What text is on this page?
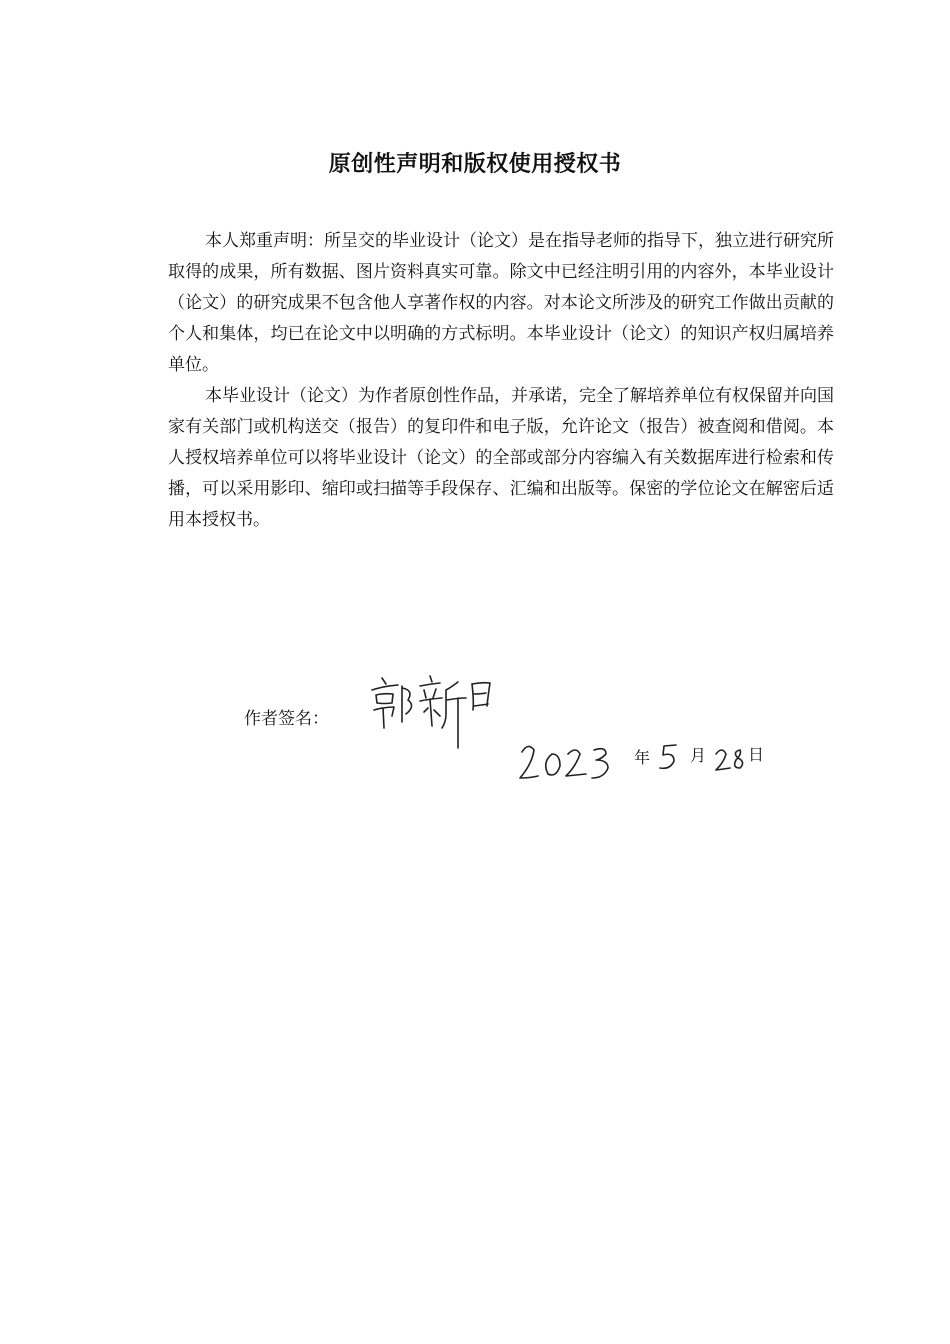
原创性声明和版权使用授权书

本人郑重声明：所呈交的毕业设计（论文）是在指导老师的指导下，独立进行研究所取得的成果，所有数据、图片资料真实可靠。除文中已经注明引用的内容外，本毕业设计（论文）的研究成果不包含他人享著作权的内容。对本论文所涉及的研究工作做出贡献的个人和集体，均已在论文中以明确的方式标明。本毕业设计（论文）的知识产权归属培养单位。

本毕业设计（论文）为作者原创性作品，并承诺，完全了解培养单位有权保留并向国家有关部门或机构送交（报告）的复印件和电子版，允许论文（报告）被查阅和借阅。本人授权培养单位可以将毕业设计（论文）的全部或部分内容编入有关数据库进行检索和传播，可以采用影印、缩印或扫描等手段保存、汇编和出版等。保密的学位论文在解密后适用本授权书。

作者签名：
年 月	日
